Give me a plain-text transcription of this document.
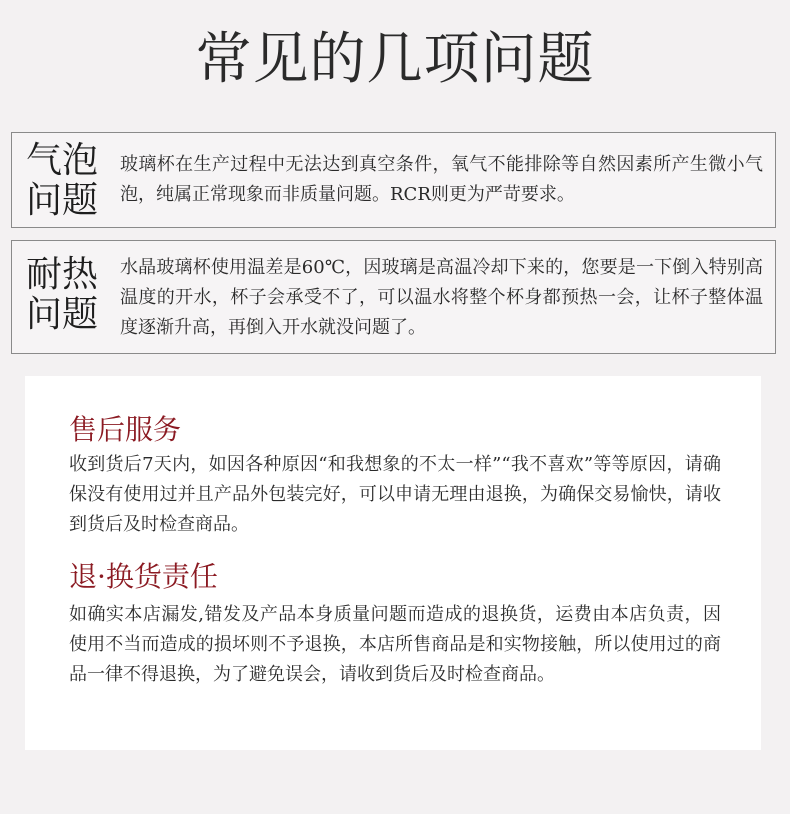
常见的几项问题
气泡
问题
玻璃杯在生产过程中无法达到真空条件，氧气不能排除等自然因素所产生微小气泡，纯属正常现象而非质量问题。RCR则更为严苛要求。
耐热
问题
水晶玻璃杯使用温差是60℃，因玻璃是高温冷却下来的，您要是一下倒入特别高温度的开水，杯子会承受不了，可以温水将整个杯身都预热一会，让杯子整体温度逐渐升高，再倒入开水就没问题了。
售后服务
收到货后7天内，如因各种原因“和我想象的不太一样”“我不喜欢”等等原因，请确保没有使用过并且产品外包装完好，可以申请无理由退换，为确保交易愉快，请收到货后及时检查商品。
退·换货责任
如确实本店漏发,错发及产品本身质量问题而造成的退换货，运费由本店负责，因使用不当而造成的损坏则不予退换，本店所售商品是和实物接触，所以使用过的商品一律不得退换，为了避免误会，请收到货后及时检查商品。
